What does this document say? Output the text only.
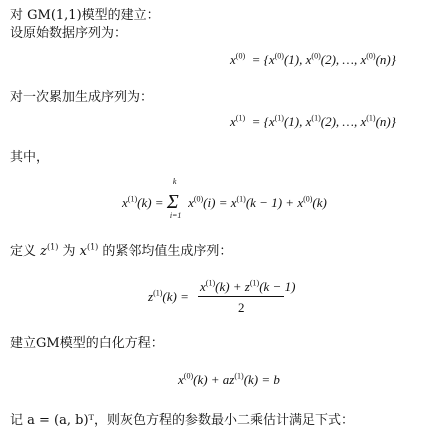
对 GM(1,1)模型的建立：
设原始数据序列为：
$x^{(0)} = \{x^{(0)}(1)$, $x^{(0)}(2)$, …, $x^{(0)}(n)$}
对一次累加生成序列为：
$x^{(1)} = \{x^{(1)}(1)$, $x^{(1)}(2)$, …, $x^{(1)}(n)$}
其中，
$x^{(1)}(k)$ =
k
Σ
i=1
$x^{(0)}(i) = x^{(1)}(k - 1) + x^{(0)}(k)$
定义 $z^{(1)}$ 为 $x^{(1)}$ 的紧邻均值生成序列：
$z^{(1)}(k)$ =
$x^{(1)}(k) + z^{(1)}(k - 1)$
2
建立GM模型的白化方程：
$x^{(0)}(k) + az^{(1)}(k) = b$
记 a = (a, b)ᵀ，则灰色方程的参数最小二乘估计满足下式：
